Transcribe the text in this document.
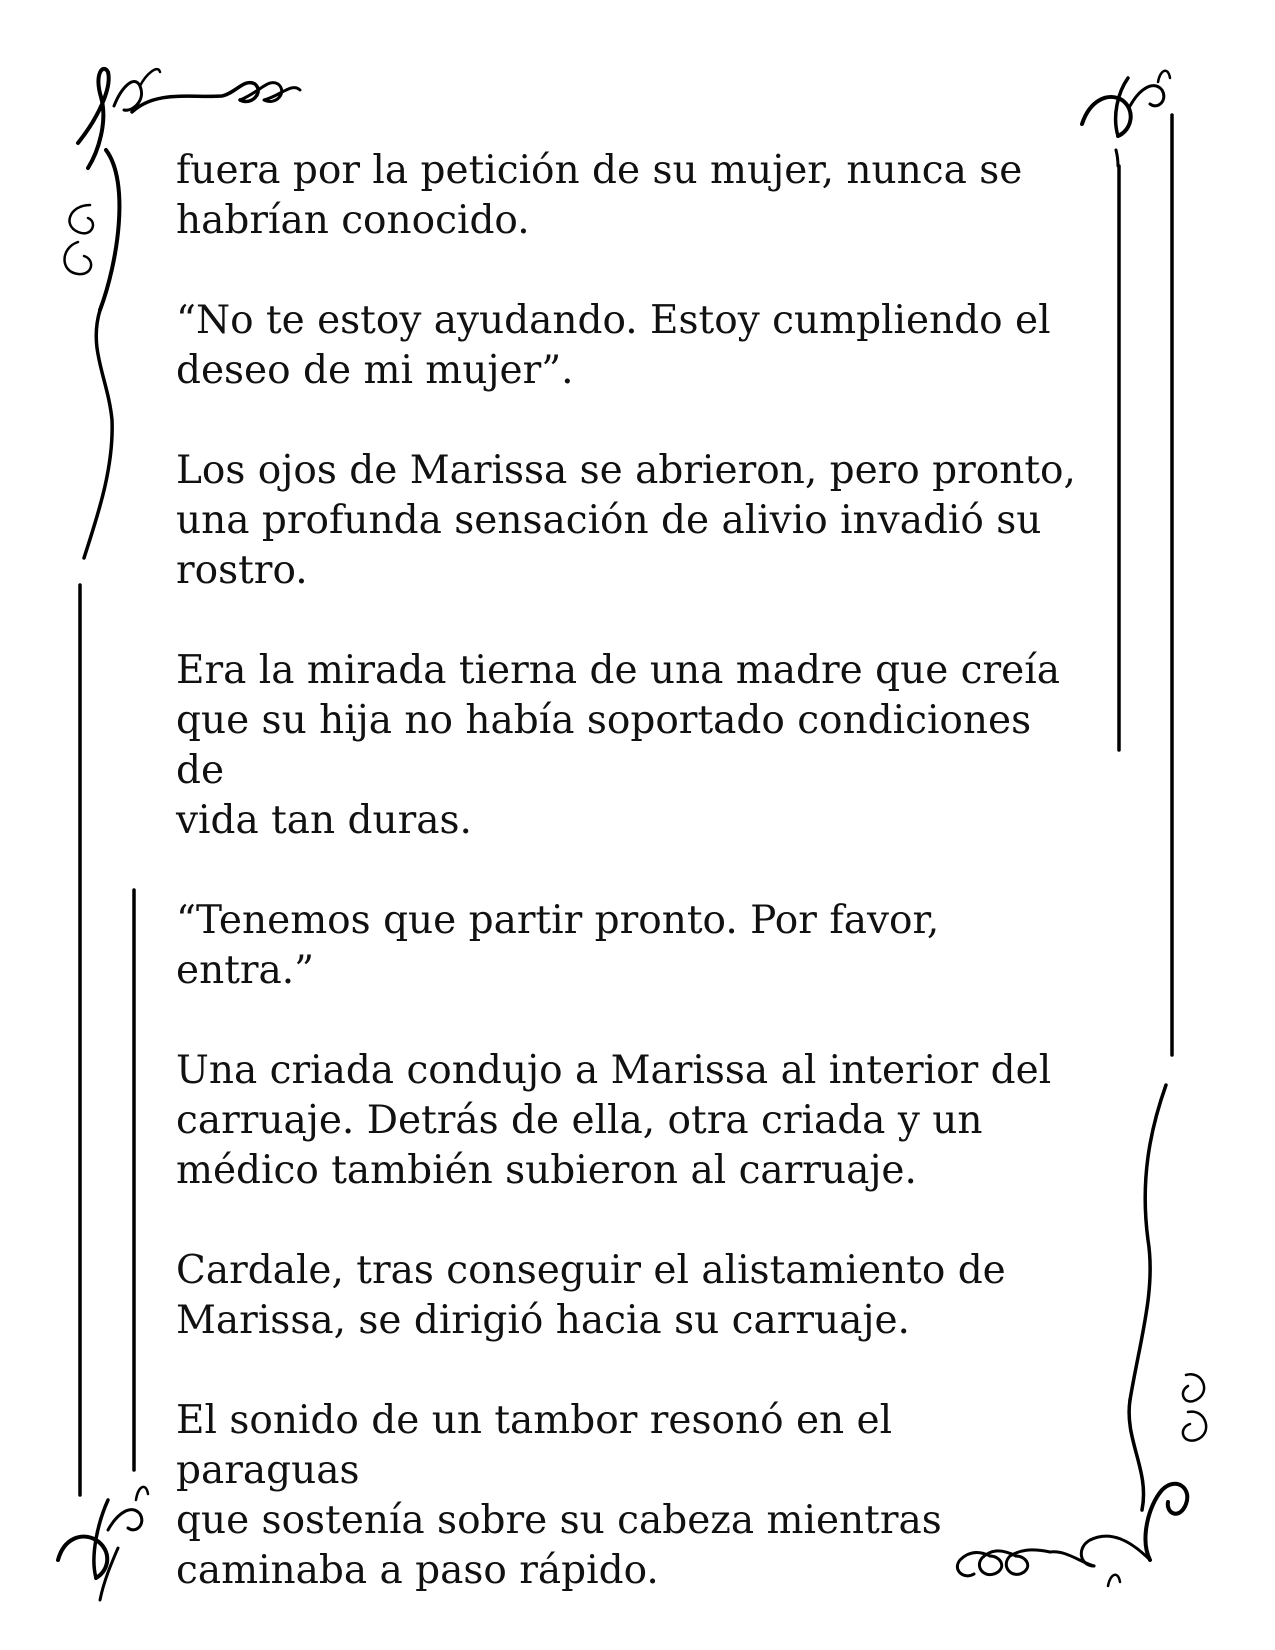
fuera por la petición de su mujer, nunca se
habrían conocido.

“No te estoy ayudando. Estoy cumpliendo el
deseo de mi mujer”.

Los ojos de Marissa se abrieron, pero pronto,
una profunda sensación de alivio invadió su
rostro.

Era la mirada tierna de una madre que creía
que su hija no había soportado condiciones de
vida tan duras.

“Tenemos que partir pronto. Por favor, entra.”

Una criada condujo a Marissa al interior del
carruaje. Detrás de ella, otra criada y un
médico también subieron al carruaje.

Cardale, tras conseguir el alistamiento de
Marissa, se dirigió hacia su carruaje.

El sonido de un tambor resonó en el paraguas
que sostenía sobre su cabeza mientras
caminaba a paso rápido.
